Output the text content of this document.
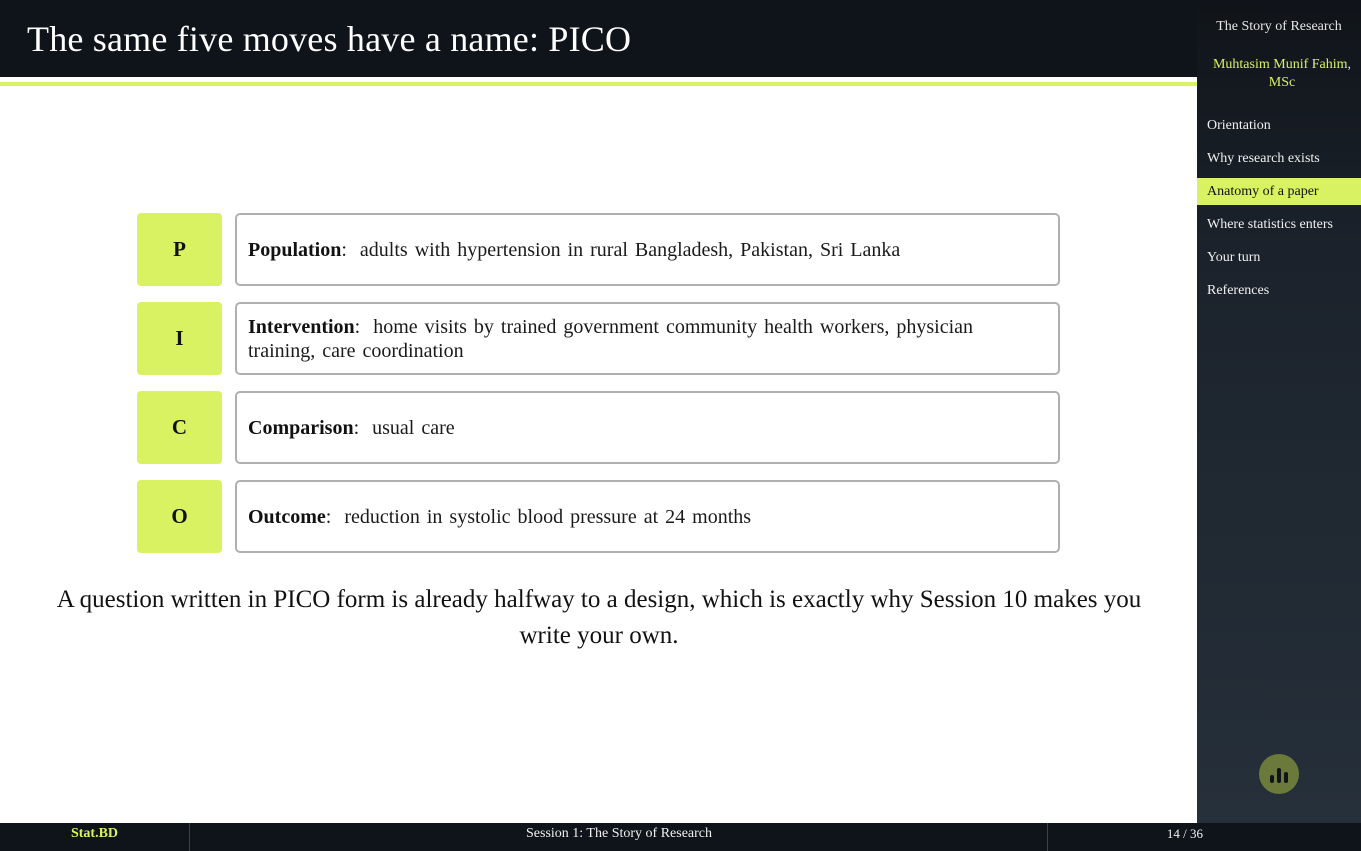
The same five moves have a name: PICO
P	Population: adults with hypertension in rural Bangladesh, Pakistan, Sri Lanka
I	Intervention: home visits by trained government community health workers, physician training, care coordination
C	Comparison: usual care
O	Outcome: reduction in systolic blood pressure at 24 months

A question written in PICO form is already halfway to a design, which is exactly why Session 10 makes you write your own.

The Story of Research
Muhtasim Munif Fahim, MSc
Orientation
Why research exists
Anatomy of a paper
Where statistics enters
Your turn
References
Stat.BD	Session 1: The Story of Research	14 / 36
